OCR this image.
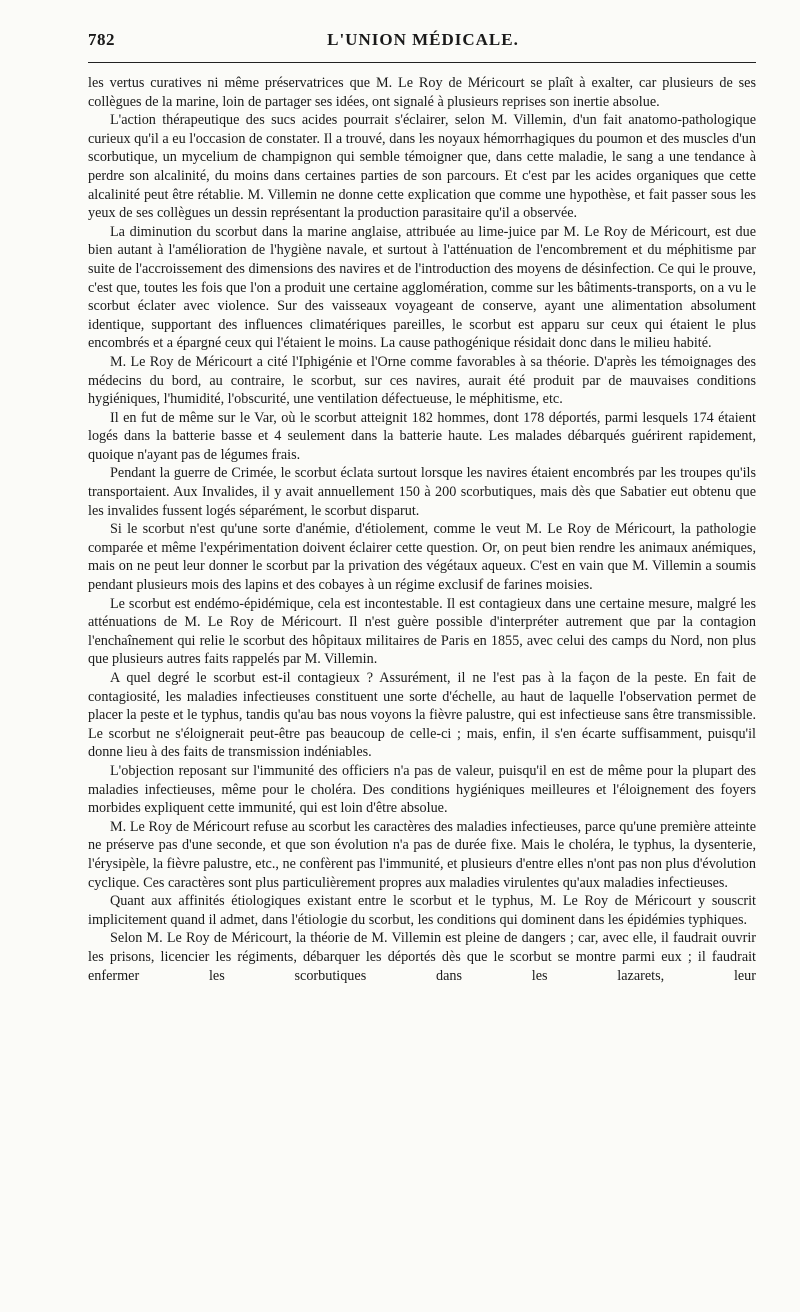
782	L'UNION MÉDICALE.

les vertus curatives ni même préservatrices que M. Le Roy de Méricourt se plaît à exalter, car plusieurs de ses collègues de la marine, loin de partager ses idées, ont signalé à plusieurs reprises son inertie absolue.

L'action thérapeutique des sucs acides pourrait s'éclairer, selon M. Villemin, d'un fait anatomo-pathologique curieux qu'il a eu l'occasion de constater. Il a trouvé, dans les noyaux hémorrhagiques du poumon et des muscles d'un scorbutique, un mycelium de champignon qui semble témoigner que, dans cette maladie, le sang a une tendance à perdre son alcalinité, du moins dans certaines parties de son parcours. Et c'est par les acides organiques que cette alcalinité peut être rétablie. M. Villemin ne donne cette explication que comme une hypothèse, et fait passer sous les yeux de ses collègues un dessin représentant la production parasitaire qu'il a observée.

La diminution du scorbut dans la marine anglaise, attribuée au lime-juice par M. Le Roy de Méricourt, est due bien autant à l'amélioration de l'hygiène navale, et surtout à l'atténuation de l'encombrement et du méphitisme par suite de l'accroissement des dimensions des navires et de l'introduction des moyens de désinfection. Ce qui le prouve, c'est que, toutes les fois que l'on a produit une certaine agglomération, comme sur les bâtiments-transports, on a vu le scorbut éclater avec violence. Sur des vaisseaux voyageant de conserve, ayant une alimentation absolument identique, supportant des influences climatériques pareilles, le scorbut est apparu sur ceux qui étaient le plus encombrés et a épargné ceux qui l'étaient le moins. La cause pathogénique résidait donc dans le milieu habité.

M. Le Roy de Méricourt a cité l'Iphigénie et l'Orne comme favorables à sa théorie. D'après les témoignages des médecins du bord, au contraire, le scorbut, sur ces navires, aurait été produit par de mauvaises conditions hygiéniques, l'humidité, l'obscurité, une ventilation défectueuse, le méphitisme, etc.

Il en fut de même sur le Var, où le scorbut atteignit 182 hommes, dont 178 déportés, parmi lesquels 174 étaient logés dans la batterie basse et 4 seulement dans la batterie haute. Les malades débarqués guérirent rapidement, quoique n'ayant pas de légumes frais.

Pendant la guerre de Crimée, le scorbut éclata surtout lorsque les navires étaient encombrés par les troupes qu'ils transportaient. Aux Invalides, il y avait annuellement 150 à 200 scorbutiques, mais dès que Sabatier eut obtenu que les invalides fussent logés séparément, le scorbut disparut.

Si le scorbut n'est qu'une sorte d'anémie, d'étiolement, comme le veut M. Le Roy de Méricourt, la pathologie comparée et même l'expérimentation doivent éclairer cette question. Or, on peut bien rendre les animaux anémiques, mais on ne peut leur donner le scorbut par la privation des végétaux aqueux. C'est en vain que M. Villemin a soumis pendant plusieurs mois des lapins et des cobayes à un régime exclusif de farines moisies.

Le scorbut est endémo-épidémique, cela est incontestable. Il est contagieux dans une certaine mesure, malgré les atténuations de M. Le Roy de Méricourt. Il n'est guère possible d'interpréter autrement que par la contagion l'enchaînement qui relie le scorbut des hôpitaux militaires de Paris en 1855, avec celui des camps du Nord, non plus que plusieurs autres faits rappelés par M. Villemin.

A quel degré le scorbut est-il contagieux ? Assurément, il ne l'est pas à la façon de la peste. En fait de contagiosité, les maladies infectieuses constituent une sorte d'échelle, au haut de laquelle l'observation permet de placer la peste et le typhus, tandis qu'au bas nous voyons la fièvre palustre, qui est infectieuse sans être transmissible. Le scorbut ne s'éloignerait peut-être pas beaucoup de celle-ci ; mais, enfin, il s'en écarte suffisamment, puisqu'il donne lieu à des faits de transmission indéniables.

L'objection reposant sur l'immunité des officiers n'a pas de valeur, puisqu'il en est de même pour la plupart des maladies infectieuses, même pour le choléra. Des conditions hygiéniques meilleures et l'éloignement des foyers morbides expliquent cette immunité, qui est loin d'être absolue.

M. Le Roy de Méricourt refuse au scorbut les caractères des maladies infectieuses, parce qu'une première atteinte ne préserve pas d'une seconde, et que son évolution n'a pas de durée fixe. Mais le choléra, le typhus, la dysenterie, l'érysipèle, la fièvre palustre, etc., ne confèrent pas l'immunité, et plusieurs d'entre elles n'ont pas non plus d'évolution cyclique. Ces caractères sont plus particulièrement propres aux maladies virulentes qu'aux maladies infectieuses.

Quant aux affinités étiologiques existant entre le scorbut et le typhus, M. Le Roy de Méricourt y souscrit implicitement quand il admet, dans l'étiologie du scorbut, les conditions qui dominent dans les épidémies typhiques.

Selon M. Le Roy de Méricourt, la théorie de M. Villemin est pleine de dangers ; car, avec elle, il faudrait ouvrir les prisons, licencier les régiments, débarquer les déportés dès que le scorbut se montre parmi eux ; il faudrait enfermer les scorbutiques dans les lazarets, leur
